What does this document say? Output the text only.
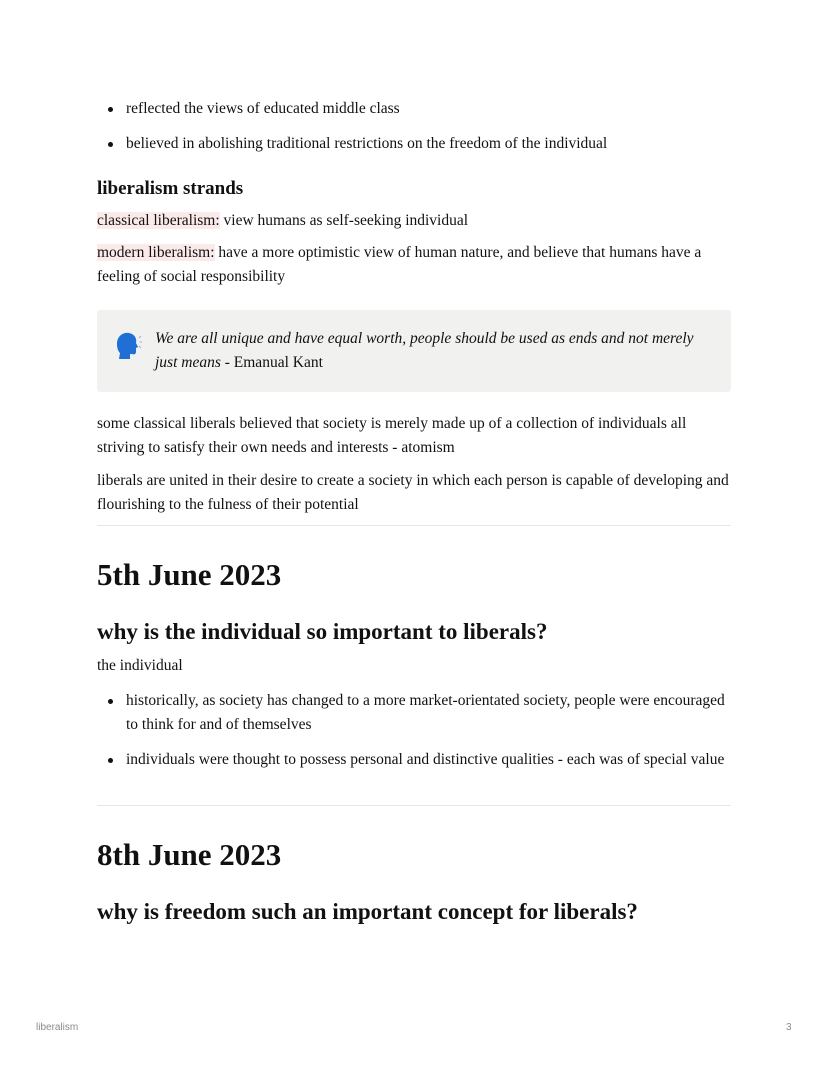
reflected the views of educated middle class
believed in abolishing traditional restrictions on the freedom of the individual
liberalism strands

classical liberalism: view humans as self-seeking individual

modern liberalism: have a more optimistic view of human nature, and believe that humans have a feeling of social responsibility

We are all unique and have equal worth, people should be used as ends and not merely just means - Emanual Kant

some classical liberals believed that society is merely made up of a collection of individuals all striving to satisfy their own needs and interests - atomism

liberals are united in their desire to create a society in which each person is capable of developing and flourishing to the fulness of their potential

5th June 2023
why is the individual so important to liberals?

the individual

historically, as society has changed to a more market-orientated society, people were encouraged to think for and of themselves
individuals were thought to possess personal and distinctive qualities - each was of special value
8th June 2023
why is freedom such an important concept for liberals?
liberalism	3
